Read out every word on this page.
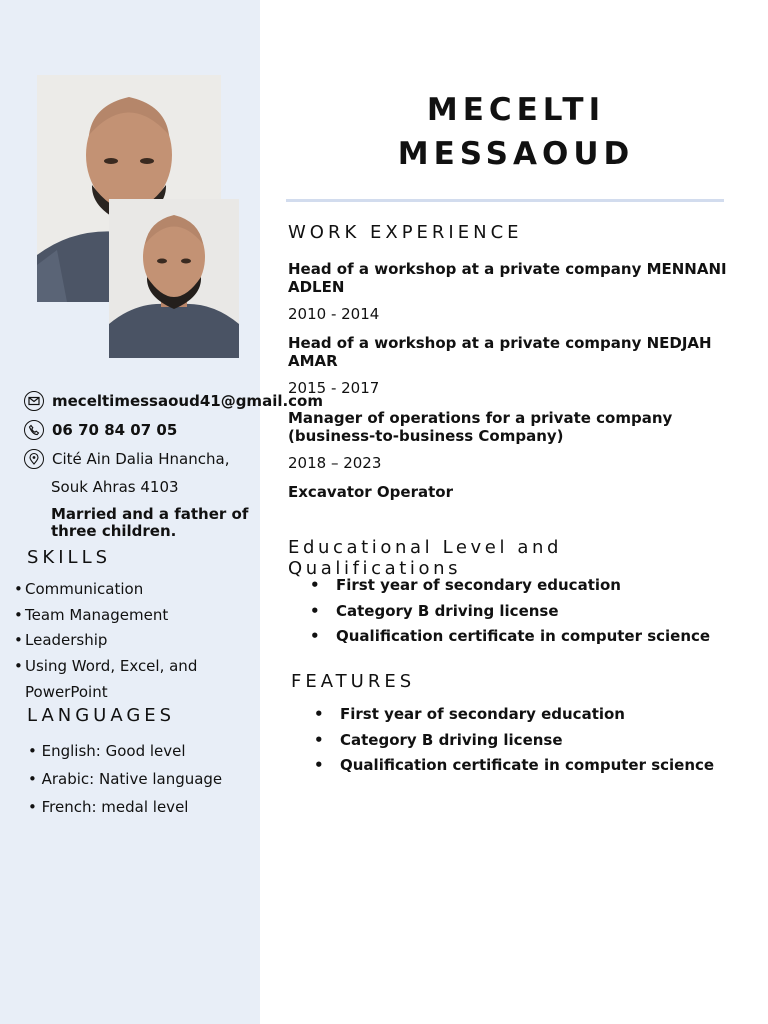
meceltimessaoud41@gmail.com
06 70 84 07 05
Cité Ain Dalia Hnancha,
Souk Ahras 4103
Married and a father of three children.
SKILLS
• Communication
• Team Management
• Leadership
• Using Word, Excel, and PowerPoint
LANGUAGES
• English: Good level
• Arabic: Native language
• French: medal level
MECELTI
MESSAOUD
WORK EXPERIENCE
Head of a workshop at a private company MENNANI ADLEN
2010 - 2014
Head of a workshop at a private company NEDJAH AMAR
2015 - 2017
Manager of operations for a private company (business-to-business Company)
2018 – 2023
Excavator Operator
Educational Level and Qualifications
• First year of secondary education
• Category B driving license
• Qualification certificate in computer science
FEATURES
• First year of secondary education
• Category B driving license
• Qualification certificate in computer science
